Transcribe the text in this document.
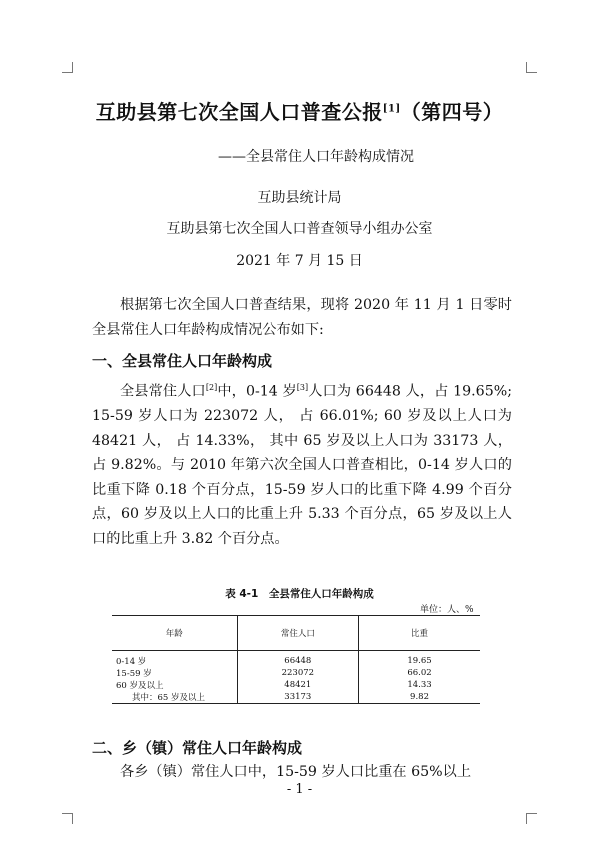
互助县第七次全国人口普查公报[1]（第四号）
——全县常住人口年龄构成情况
互助县统计局
互助县第七次全国人口普查领导小组办公室
2021 年 7 月 15 日
根据第七次全国人口普查结果，现将 2020 年 11 月 1 日零时全县常住人口年龄构成情况公布如下:
一、全县常住人口年龄构成
全县常住人口[2]中，0-14 岁[3]人口为 66448 人，占 19.65%; 15-59 岁人口为 223072 人， 占 66.01%; 60 岁及以上人口为 48421 人， 占 14.33%， 其中 65 岁及以上人口为 33173 人，占 9.82%。与 2010 年第六次全国人口普查相比，0-14 岁人口的比重下降 0.18 个百分点，15-59 岁人口的比重下降 4.99 个百分点，60 岁及以上人口的比重上升 5.33 个百分点，65 岁及以上人口的比重上升 3.82 个百分点。
表 4-1　全县常住人口年龄构成
单位：人、%
年龄	常住人口	比重
0-14 岁	66448	19.65
15-59 岁	223072	66.02
60 岁及以上	48421	14.33
其中：65 岁及以上	33173	9.82
二、乡（镇）常住人口年龄构成
各乡（镇）常住人口中，15-59 岁人口比重在 65%以上
- 1 -
